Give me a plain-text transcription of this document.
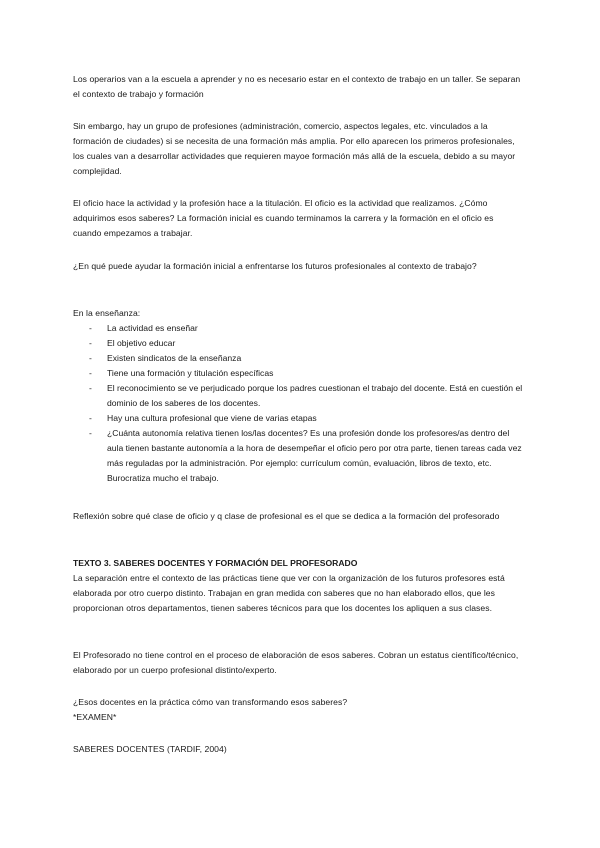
Los operarios van a la escuela a aprender y no es necesario estar en el contexto de trabajo en un taller. Se separan el contexto de trabajo y formación

Sin embargo, hay un grupo de profesiones (administración, comercio, aspectos legales, etc. vinculados a la formación de ciudades) si se necesita de una formación más amplia. Por ello aparecen los primeros profesionales, los cuales van a desarrollar actividades que requieren mayoe formación más allá de la escuela, debido a su mayor complejidad.

El oficio hace la actividad y la profesión hace a la titulación. El oficio es la actividad que realizamos. ¿Cómo adquirimos esos saberes? La formación inicial es cuando terminamos la carrera y la formación en el oficio es cuando empezamos a trabajar.

¿En qué puede ayudar la formación inicial a enfrentarse los futuros profesionales al contexto de trabajo?

En la enseñanza:

- La actividad es enseñar
- El objetivo educar
- Existen sindicatos de la enseñanza
- Tiene una formación y titulación específicas
- El reconocimiento se ve perjudicado porque los padres cuestionan el trabajo del docente. Está en cuestión el dominio de los saberes de los docentes.
- Hay una cultura profesional que viene de varias etapas
- ¿Cuánta autonomía relativa tienen los/las docentes? Es una profesión donde los profesores/as dentro del aula tienen bastante autonomía a la hora de desempeñar el oficio pero por otra parte, tienen tareas cada vez más reguladas por la administración. Por ejemplo: currículum común, evaluación, libros de texto, etc. Burocratiza mucho el trabajo.

Reflexión sobre qué clase de oficio y q clase de profesional es el que se dedica a la formación del profesorado

TEXTO 3. SABERES DOCENTES Y FORMACIÓN DEL PROFESORADO

La separación entre el contexto de las prácticas tiene que ver con la organización de los futuros profesores está elaborada por otro cuerpo distinto. Trabajan en gran medida con saberes que no han elaborado ellos, que les proporcionan otros departamentos, tienen saberes técnicos para que los docentes los apliquen a sus clases.

El Profesorado no tiene control en el proceso de elaboración de esos saberes. Cobran un estatus científico/técnico, elaborado por un cuerpo profesional distinto/experto.

¿Esos docentes en la práctica cómo van transformando esos saberes?

*EXAMEN*

SABERES DOCENTES (TARDIF, 2004)
